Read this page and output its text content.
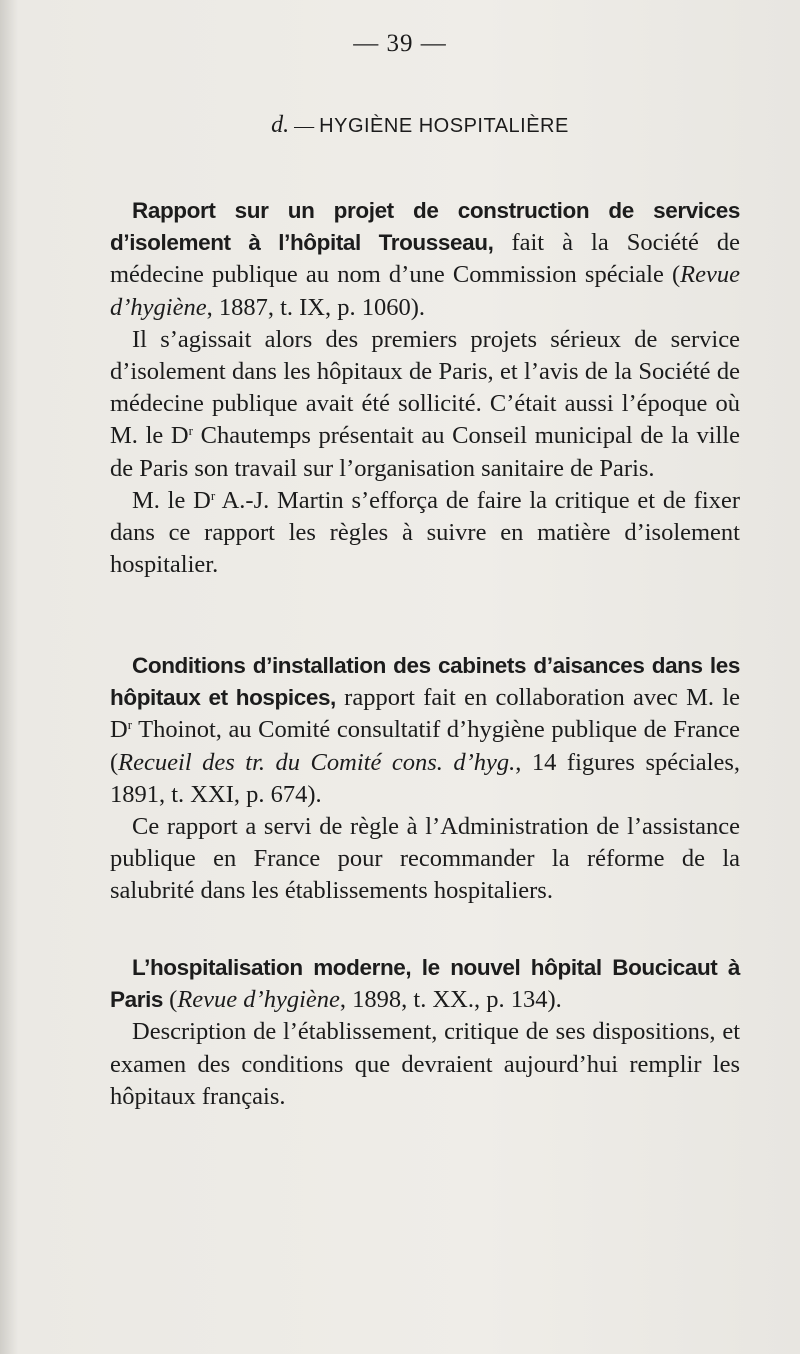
— 39 —
d. — HYGIÈNE HOSPITALIÈRE

Rapport sur un projet de construction de services d’isolement à l’hôpital Trousseau, fait à la Société de médecine publique au nom d’une Commission spéciale (Revue d’hygiène, 1887, t. IX, p. 1060).

Il s’agissait alors des premiers projets sérieux de service d’isolement dans les hôpitaux de Paris, et l’avis de la Société de médecine publique avait été sollicité. C’était aussi l’époque où M. le $D^r$ Chautemps présentait au Conseil municipal de la ville de Paris son travail sur l’organisation sanitaire de Paris.

M. le $D^r$ A.-J. Martin s’efforça de faire la critique et de fixer dans ce rapport les règles à suivre en matière d’isolement hospitalier.

Conditions d’installation des cabinets d’aisances dans les hôpitaux et hospices, rapport fait en collaboration avec M. le $D^r$ Thoinot, au Comité consultatif d’hygiène publique de France (Recueil des tr. du Comité cons. d’hyg., 14 figures spéciales, 1891, t. XXI, p. 674).

Ce rapport a servi de règle à l’Administration de l’assistance publique en France pour recommander la réforme de la salubrité dans les établissements hospitaliers.

L’hospitalisation moderne, le nouvel hôpital Boucicaut à Paris (Revue d’hygiène, 1898, t. XX., p. 134).

Description de l’établissement, critique de ses dispositions, et examen des conditions que devraient aujourd’hui remplir les hôpitaux français.
